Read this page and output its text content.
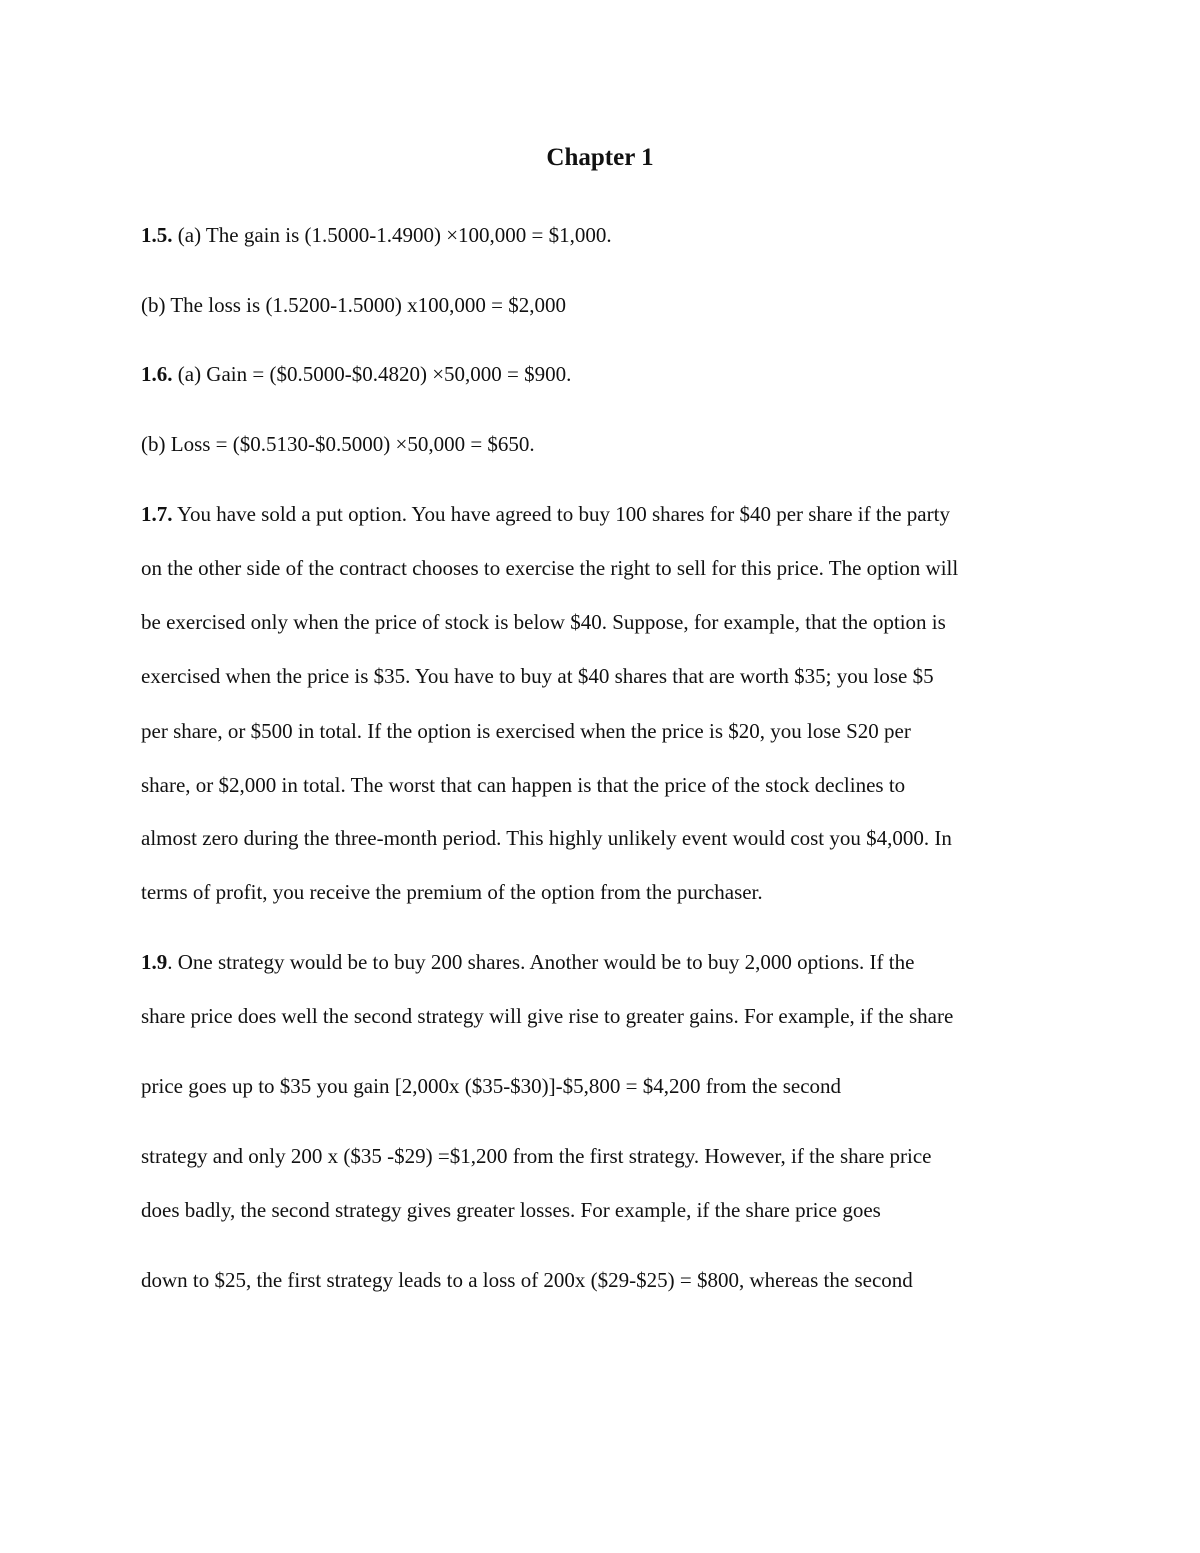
Chapter 1

1.5. (a) The gain is (1.5000-1.4900) ×100,000 = $1,000.

(b) The loss is (1.5200-1.5000) x100,000 = $2,000

1.6. (a) Gain = ($0.5000-$0.4820) ×50,000 = $900.

(b) Loss = ($0.5130-$0.5000) ×50,000 = $650.

1.7. You have sold a put option. You have agreed to buy 100 shares for $40 per share if the party

on the other side of the contract chooses to exercise the right to sell for this price. The option will

be exercised only when the price of stock is below $40. Suppose, for example, that the option is

exercised when the price is $35. You have to buy at $40 shares that are worth $35; you lose $5

per share, or $500 in total. If the option is exercised when the price is $20, you lose S20 per

share, or $2,000 in total. The worst that can happen is that the price of the stock declines to

almost zero during the three-month period. This highly unlikely event would cost you $4,000. In

terms of profit, you receive the premium of the option from the purchaser.

1.9. One strategy would be to buy 200 shares. Another would be to buy 2,000 options. If the

share price does well the second strategy will give rise to greater gains. For example, if the share

price goes up to $35 you gain [2,000x ($35-$30)]-$5,800 = $4,200 from the second

strategy and only 200 x ($35 -$29) =$1,200 from the first strategy. However, if the share price

does badly, the second strategy gives greater losses. For example, if the share price goes

down to $25, the first strategy leads to a loss of 200x ($29-$25) = $800, whereas the second
